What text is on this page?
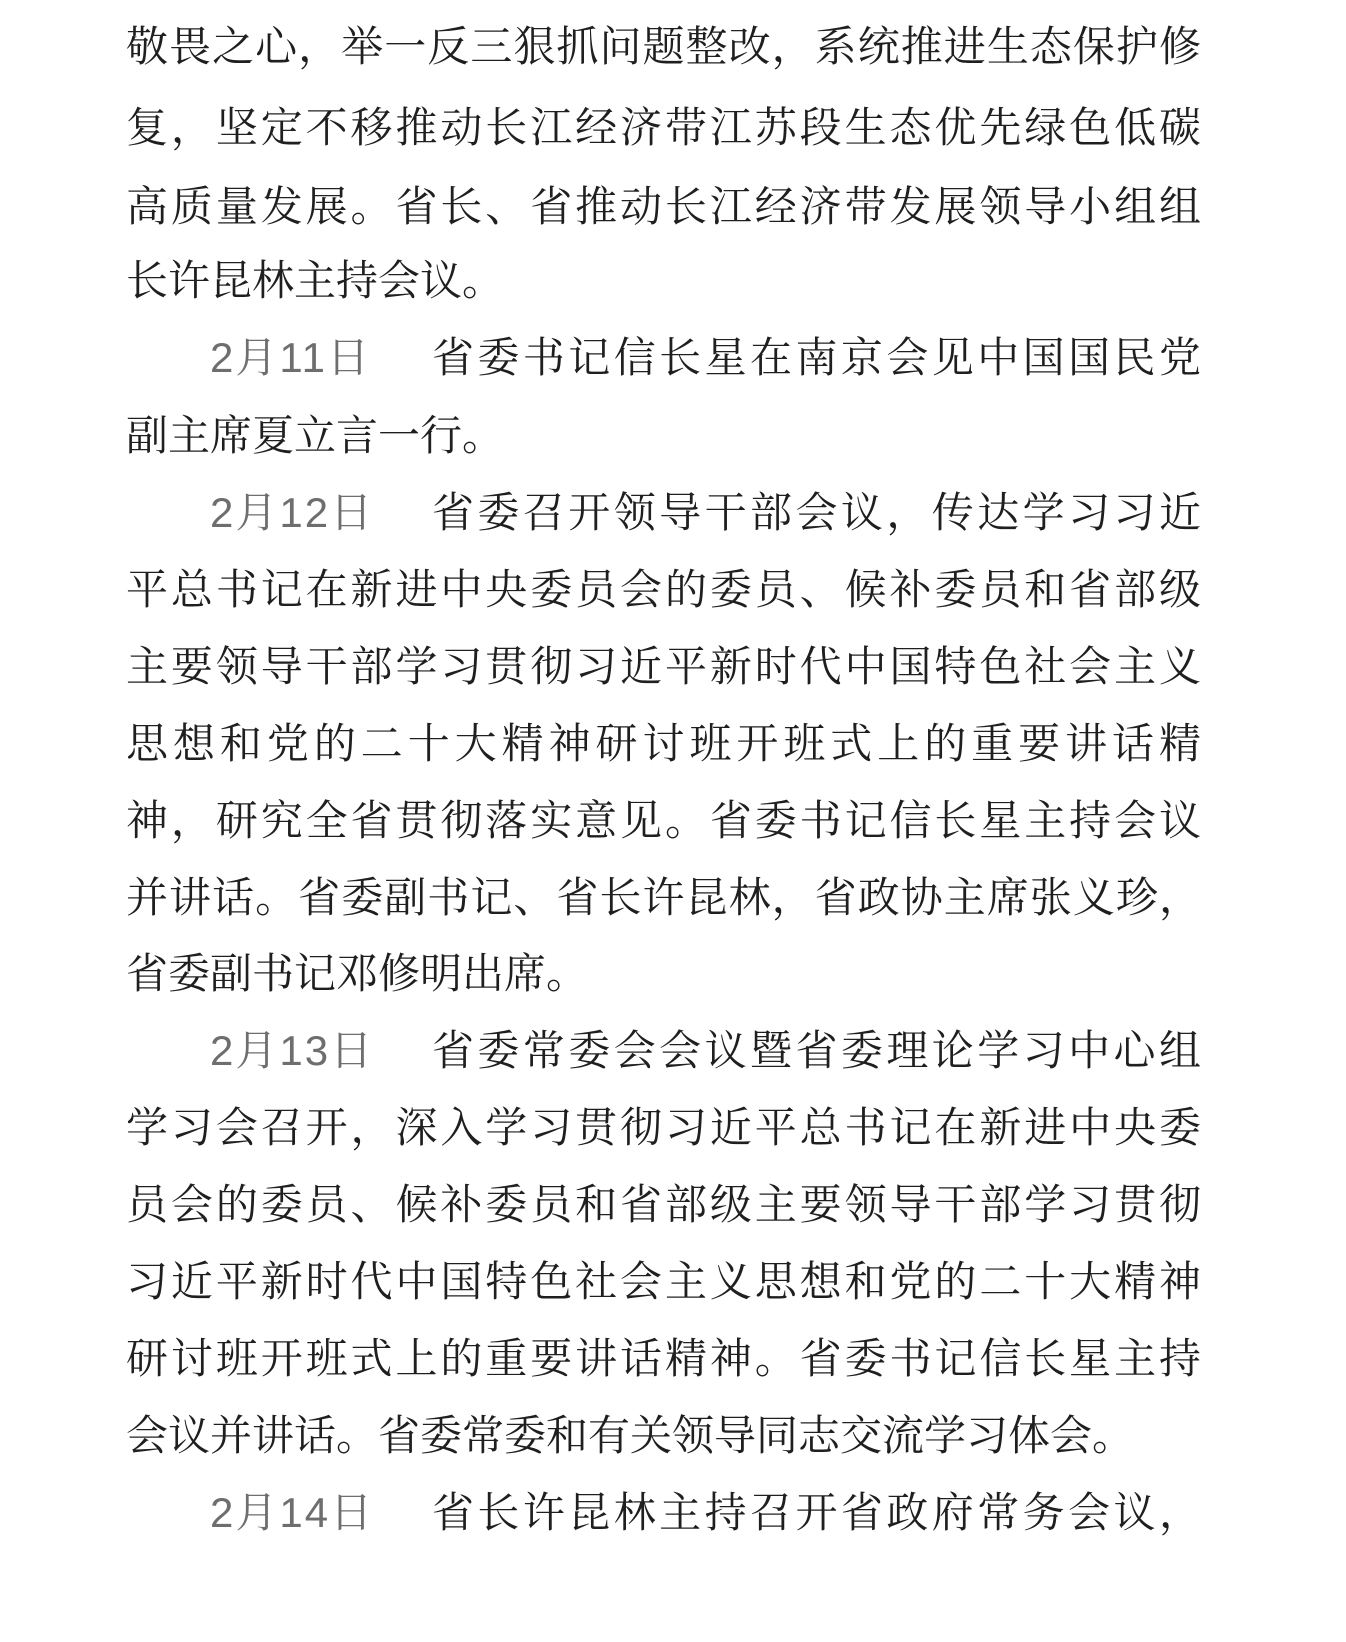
敬畏之心，举一反三狠抓问题整改，系统推进生态保护修
复，坚定不移推动长江经济带江苏段生态优先绿色低碳
高质量发展。省长、省推动长江经济带发展领导小组组
长许昆林主持会议。
2月11日 省委书记信长星在南京会见中国国民党
副主席夏立言一行。
2月12日 省委召开领导干部会议，传达学习习近
平总书记在新进中央委员会的委员、候补委员和省部级
主要领导干部学习贯彻习近平新时代中国特色社会主义
思想和党的二十大精神研讨班开班式上的重要讲话精
神，研究全省贯彻落实意见。省委书记信长星主持会议
并讲话。省委副书记、省长许昆林，省政协主席张义珍，
省委副书记邓修明出席。
2月13日 省委常委会会议暨省委理论学习中心组
学习会召开，深入学习贯彻习近平总书记在新进中央委
员会的委员、候补委员和省部级主要领导干部学习贯彻
习近平新时代中国特色社会主义思想和党的二十大精神
研讨班开班式上的重要讲话精神。省委书记信长星主持
会议并讲话。省委常委和有关领导同志交流学习体会。
2月14日 省长许昆林主持召开省政府常务会议，
